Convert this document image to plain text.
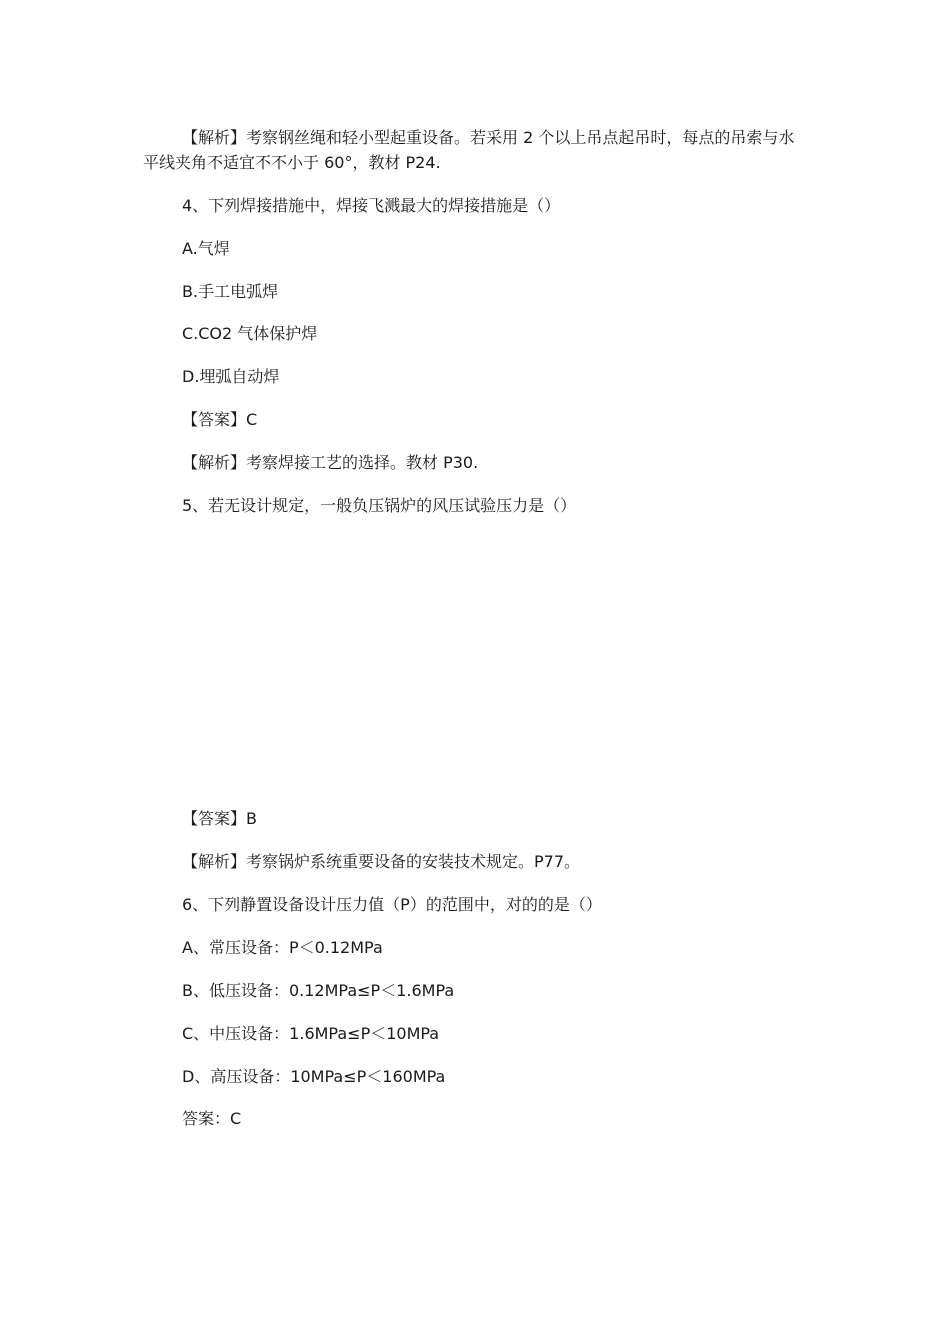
【解析】考察钢丝绳和轻小型起重设备。若采用 2 个以上吊点起吊时，每点的吊索与水平线夹角不适宜不不小于 60°，教材 P24.

4、下列焊接措施中，焊接飞溅最大的焊接措施是（）

A.气焊

B.手工电弧焊

C.CO2 气体保护焊

D.埋弧自动焊

【答案】C

【解析】考察焊接工艺的选择。教材 P30.

5、若无设计规定，一般负压锅炉的风压试验压力是（）

【答案】B

【解析】考察锅炉系统重要设备的安装技术规定。P77。

6、下列静置设备设计压力值（P）的范围中，对的的是（）

A、常压设备：P＜0.12MPa

B、低压设备：0.12MPa≤P＜1.6MPa

C、中压设备：1.6MPa≤P＜10MPa

D、高压设备：10MPa≤P＜160MPa

答案：C
